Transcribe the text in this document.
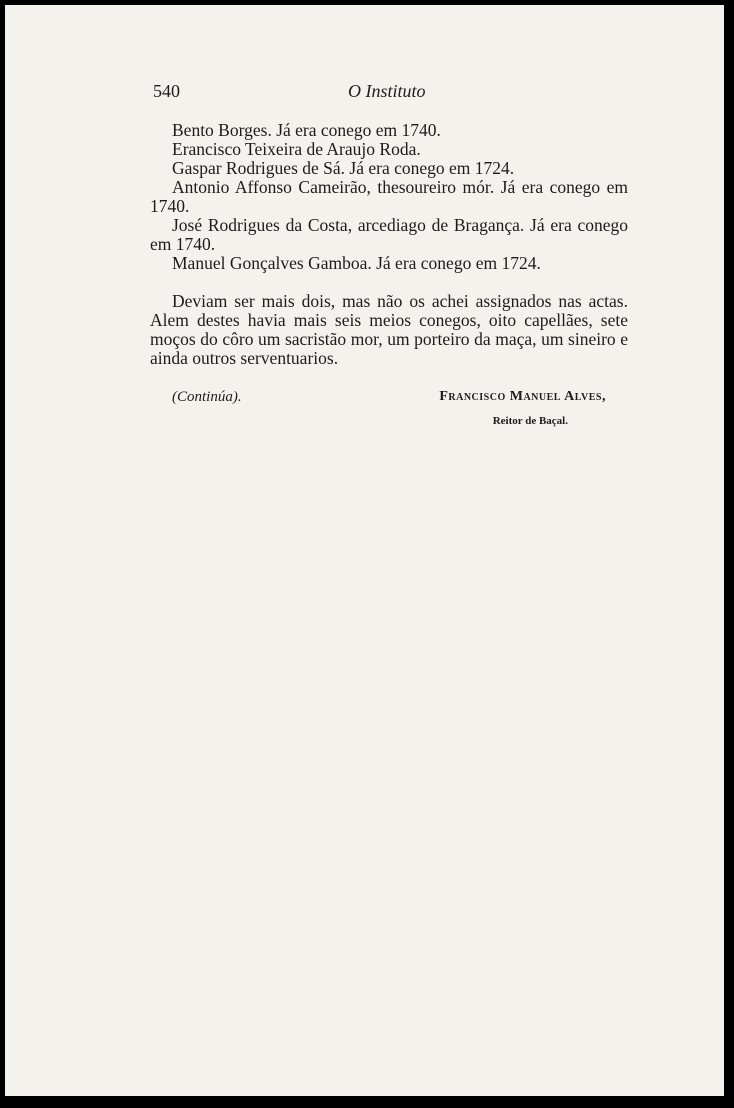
540	O Instituto

Bento Borges. Já era conego em 1740.

Erancisco Teixeira de Araujo Roda.

Gaspar Rodrigues de Sá. Já era conego em 1724.

Antonio Affonso Cameirão, thesoureiro mór. Já era conego em 1740.

José Rodrigues da Costa, arcediago de Bragança. Já era conego em 1740.

Manuel Gonçalves Gamboa. Já era conego em 1724.

Deviam ser mais dois, mas não os achei assignados nas actas. Alem destes havia mais seis meios conegos, oito capellães, sete moços do côro um sacristão mor, um porteiro da maça, um sineiro e ainda outros serventuarios.

(Continúa).	Francisco Manuel Alves,
Reitor de Baçal.
